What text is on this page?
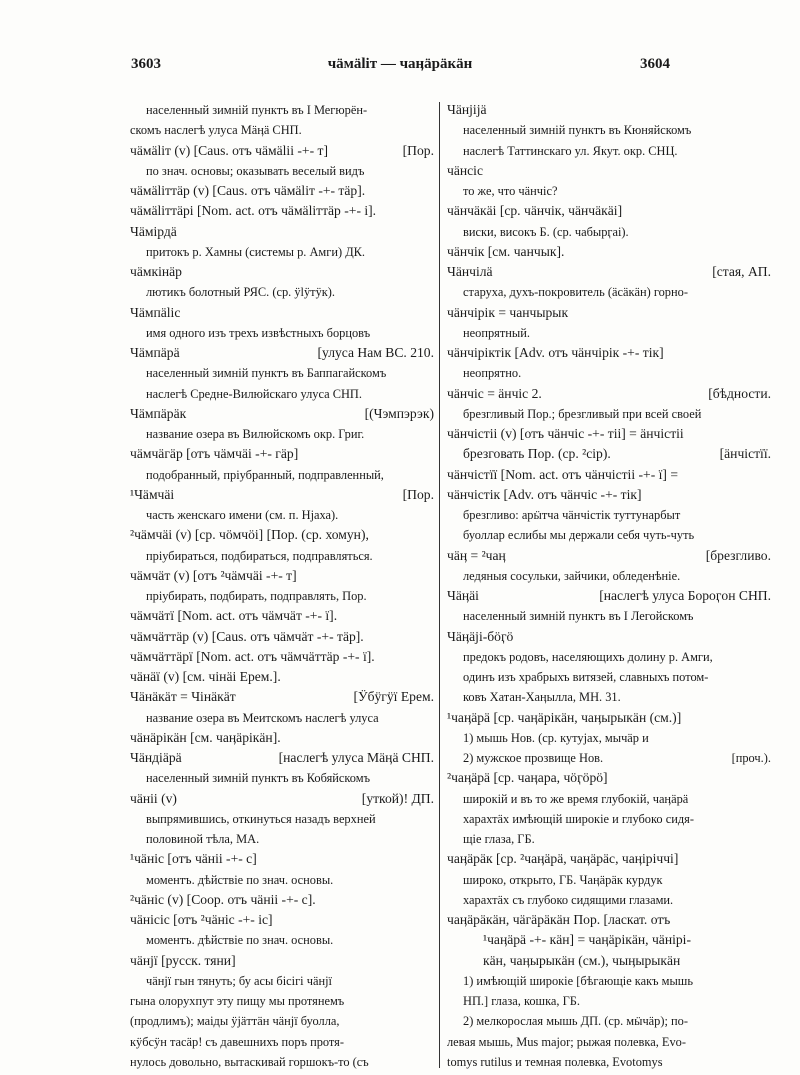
3603	чӓмӓlіт — чаӊӓрӓкӓн	3604
населенный зимній пунктъ въ I Мегюрён-
скомъ наслегѣ улуса Мӓӊӓ СНП.
чӓмӓlіт (v) [Caus. отъ чӓмӓlіі -+- т]	[Пор.
по знач. основы; оказывать веселый видъ
чӓмӓlіттӓр (v) [Caus. отъ чӓмӓlіт -+- тӓр].
чӓмӓlіттӓрі [Nom. act. отъ чӓмӓlіттӓр -+- і].
Чӓмірдӓ
притокъ р. Хамны (системы р. Амги) ДК.
чӓмкінӓр
лютикъ болотный РЯС. (ср. ӱlӱтӱк).
Чӓмпӓlіс
имя одного изъ трехъ извѣстныхъ борцовъ
Чӓмпӓрӓ	[улуса Нам ВС. 210.
населенный зимній пунктъ въ Баппагайскомъ
наслегѣ Средне-Вилюйскаго улуса СНП.
Чӓмпӓрӓк	[(Чэмпэрэк)
название озера въ Вилюйскомъ окр. Григ.
чӓмчӓгӓр [отъ чӓмчӓі -+- гӓр]
подобранный, прiубранный, подправленный,
¹Чӓмчӓі	[Пор.
часть женскаго имени (см. п. Нjаха).
²чӓмчӓі (v) [ср. чӧмчӧі] [Пор. (ср. хомун),
прiубираться, подбираться, подправляться.
чӓмчӓт (v) [отъ ²чӓмчӓі -+- т]
прiубирать, подбирать, подправлять, Пор.
чӓмчӓтї [Nom. act. отъ чӓмчӓт -+- ї].
чӓмчӓттӓр (v) [Caus. отъ чӓмчӓт -+- тӓр].
чӓмчӓттӓрї [Nom. act. отъ чӓмчӓттӓр -+- ї].
чӓнӓї (v) [см. чінӓі Ерем.].
Чӓнӓкӓт = Чінӓкӓт	[Ӱбӱгӱї Ерем.
название озера въ Меитскомъ наслегѣ улуса
чӓнӓрікӓн [см. чаӊӓрікӓн].
Чӓндіӓрӓ	[наслегѣ улуса Мӓӊӓ СНП.
населенный зимній пунктъ въ Кобяйскомъ
чӓніі (v)	[уткой)! ДП.
выпрямившись, откинуться назадъ верхней
половиной тѣла, МА.
¹чӓніс [отъ чӓніі -+- с]
моментъ. дѣйствіе по знач. основы.
²чӓніс (v) [Coop. отъ чӓніі -+- с].
чӓнісіс [отъ ²чӓніс -+- іс]
моментъ. дѣйствіе по знач. основы.
чӓнјї [русск. тяни]
чӓнјї гын тянуть; бу асы бісігі чӓнјї
гына олорухпут эту пищу мы протянемъ
(продлимъ); маіды ӱјӓттӓн чӓнјї буолла,
кӱбсӱн тасӓр! съ давешнихъ поръ протя-
нулось довольно, вытаскивай горшокъ-то (съ
Чӓнјіјӓ
населенный зимній пунктъ въ Кюняйскомъ
наслегѣ Таттинскаго ул. Якут. окр. СНЦ.
чӓнсіс
то же, что чӓнчіс?
чӓнчӓкӓі [ср. чӓнчік, чӓнчӓкӓі]
виски, високъ Б. (ср. чабырӷаі).
чӓнчік [см. чанчык].
Чӓнчілӓ	[стая, АП.
старуха, духъ-покровитель (ӓсӓкӓн) горно-
чӓнчірік = чанчырык
неопрятный.
чӓнчіріктік [Adv. отъ чӓнчірік -+- тік]
неопрятно.
чӓнчіс = ӓнчіс 2.	[бѣдности.
брезгливый Пор.; брезгливый при всей своей
чӓнчістіі (v) [отъ чӓнчіс -+- тіі] = ӓнчістіі
брезговать Пор. (ср. ²сір).	[ӓнчістїї.
чӓнчістїї [Nom. act. отъ чӓнчістіі -+- ї] =
чӓнчістік [Adv. отъ чӓнчіс -+- тік]
брезгливо: арӹтча чӓнчістік туттунарбыт
буоллар еслибы мы держали себя чуть-чуть
чӓӊ = ²чаӊ	[брезгливо.
ледяныя сосульки, зайчики, обледенѣніе.
Чӓӊӓі	[наслегѣ улуса Бороӷон СНП.
населенный зимній пунктъ въ I Легойскомъ
Чӓӊӓјі-бӧӷӧ
предокъ родовъ, населяющихъ долину р. Амги,
одинъ изъ храбрыхъ витязей, славныхъ потом-
ковъ Хатан-Хаӊылла, МН. 31.
¹чаӊӓрӓ [ср. чаӊӓрікӓн, чаӊырыкӓн (см.)]
1) мышь Нов. (ср. кутујах, мычӓр и
2) мужское прозвище Нов.	[проч.).
²чаӊӓрӓ [ср. чаӊара, чӧӷӧрӧ]
широкій и въ то же время глубокій, чаӊӓрӓ
харахтӓх имѣющій широкіе и глубоко сидя-
щіе глаза, ГБ.
чаӊӓрӓк [ср. ²чаӊӓрӓ, чаӊӓрӓс, чаӊіріччі]
широко, открыто, ГБ. Чаӊӓрӓк курдук
харахтӓх съ глубоко сидящими глазами.
чаӊӓрӓкӓн, чӓгӓрӓкӓн Пор. [ласкат. отъ
¹чаӊӓрӓ -+- кӓн] = чаӊӓрікӓн, чӓнірі-
кӓн, чаӊырыкӓн (см.), чыӊырыкӓн
1) имѣющій широкіе [бѣгающіе какъ мышь
НП.] глаза, кошка, ГБ.
2) мелкорослая мышь ДП. (ср. мӹчӓр); по-
левая мышь, Mus major; рыжая полевка, Evo-
tomys rutilus и темная полевка, Evotomys
